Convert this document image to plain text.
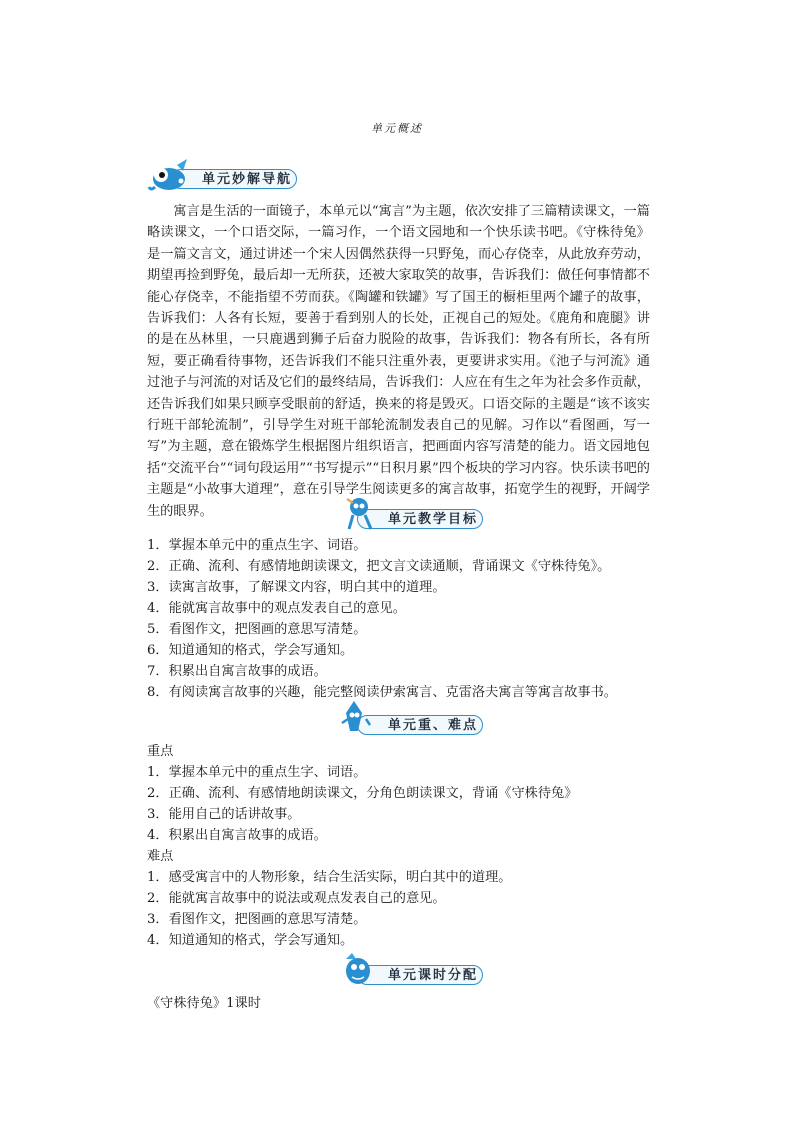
单元概述
单元妙解导航

寓言是生活的一面镜子，本单元以“寓言”为主题，依次安排了三篇精读课文，一篇略读课文，一个口语交际，一篇习作，一个语文园地和一个快乐读书吧。《守株待兔》是一篇文言文，通过讲述一个宋人因偶然获得一只野兔，而心存侥幸，从此放弃劳动，期望再捡到野兔，最后却一无所获，还被大家取笑的故事，告诉我们：做任何事情都不能心存侥幸，不能指望不劳而获。《陶罐和铁罐》写了国王的橱柜里两个罐子的故事，告诉我们：人各有长短，要善于看到别人的长处，正视自己的短处。《鹿角和鹿腿》讲的是在丛林里，一只鹿遇到狮子后奋力脱险的故事，告诉我们：物各有所长，各有所短，要正确看待事物，还告诉我们不能只注重外表，更要讲求实用。《池子与河流》通过池子与河流的对话及它们的最终结局，告诉我们：人应在有生之年为社会多作贡献，还告诉我们如果只顾享受眼前的舒适，换来的将是毁灭。口语交际的主题是“该不该实行班干部轮流制”，引导学生对班干部轮流制发表自己的见解。习作以“看图画，写一写”为主题，意在锻炼学生根据图片组织语言，把画面内容写清楚的能力。语文园地包括“交流平台”“词句段运用”“书写提示”“日积月累”四个板块的学习内容。快乐读书吧的主题是“小故事大道理”，意在引导学生阅读更多的寓言故事，拓宽学生的视野，开阔学生的眼界。

单元教学目标
1．掌握本单元中的重点生字、词语。
2．正确、流利、有感情地朗读课文，把文言文读通顺，背诵课文《守株待兔》。
3．读寓言故事，了解课文内容，明白其中的道理。
4．能就寓言故事中的观点发表自己的意见。
5．看图作文，把图画的意思写清楚。
6．知道通知的格式，学会写通知。
7．积累出自寓言故事的成语。
8．有阅读寓言故事的兴趣，能完整阅读伊索寓言、克雷洛夫寓言等寓言故事书。
单元重、难点
重点
1．掌握本单元中的重点生字、词语。
2．正确、流利、有感情地朗读课文，分角色朗读课文，背诵《守株待兔》
3．能用自己的话讲故事。
4．积累出自寓言故事的成语。
难点
1．感受寓言中的人物形象，结合生活实际，明白其中的道理。
2．能就寓言故事中的说法或观点发表自己的意见。
3．看图作文，把图画的意思写清楚。
4．知道通知的格式，学会写通知。
单元课时分配
《守株待兔》1课时
